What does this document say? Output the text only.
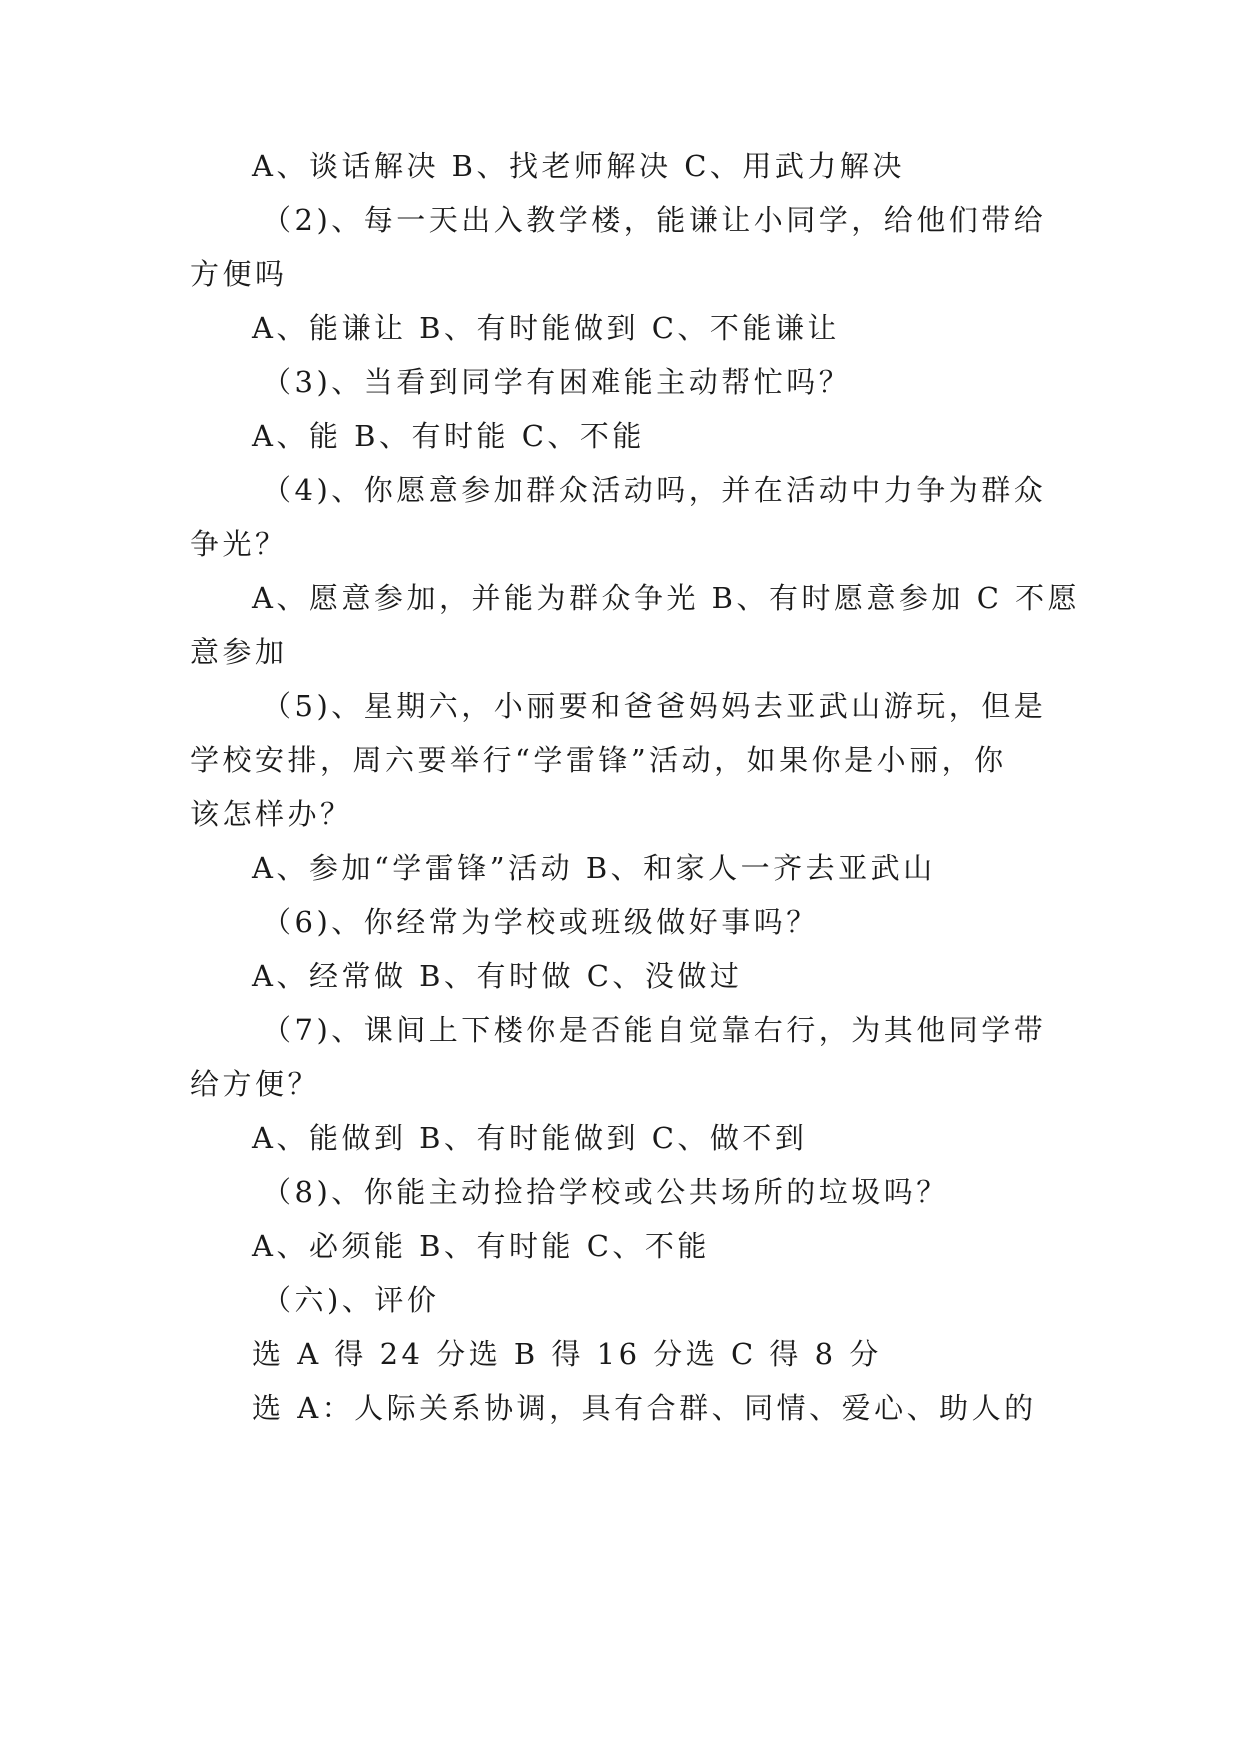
A、谈话解决 B、找老师解决 C、用武力解决
（2)、每一天出入教学楼，能谦让小同学，给他们带给
方便吗
A、能谦让 B、有时能做到 C、不能谦让
（3)、当看到同学有困难能主动帮忙吗？
A、能 B、有时能 C、不能
（4)、你愿意参加群众活动吗，并在活动中力争为群众
争光？
A、愿意参加，并能为群众争光 B、有时愿意参加 C 不愿
意参加
（5)、星期六，小丽要和爸爸妈妈去亚武山游玩，但是
学校安排，周六要举行“学雷锋”活动，如果你是小丽，你
该怎样办？
A、参加“学雷锋”活动 B、和家人一齐去亚武山
（6)、你经常为学校或班级做好事吗？
A、经常做 B、有时做 C、没做过
（7)、课间上下楼你是否能自觉靠右行，为其他同学带
给方便？
A、能做到 B、有时能做到 C、做不到
（8)、你能主动捡拾学校或公共场所的垃圾吗？
A、必须能 B、有时能 C、不能
（六)、评价
选 A 得 24 分选 B 得 16 分选 C 得 8 分
选 A：人际关系协调，具有合群、同情、爱心、助人的
